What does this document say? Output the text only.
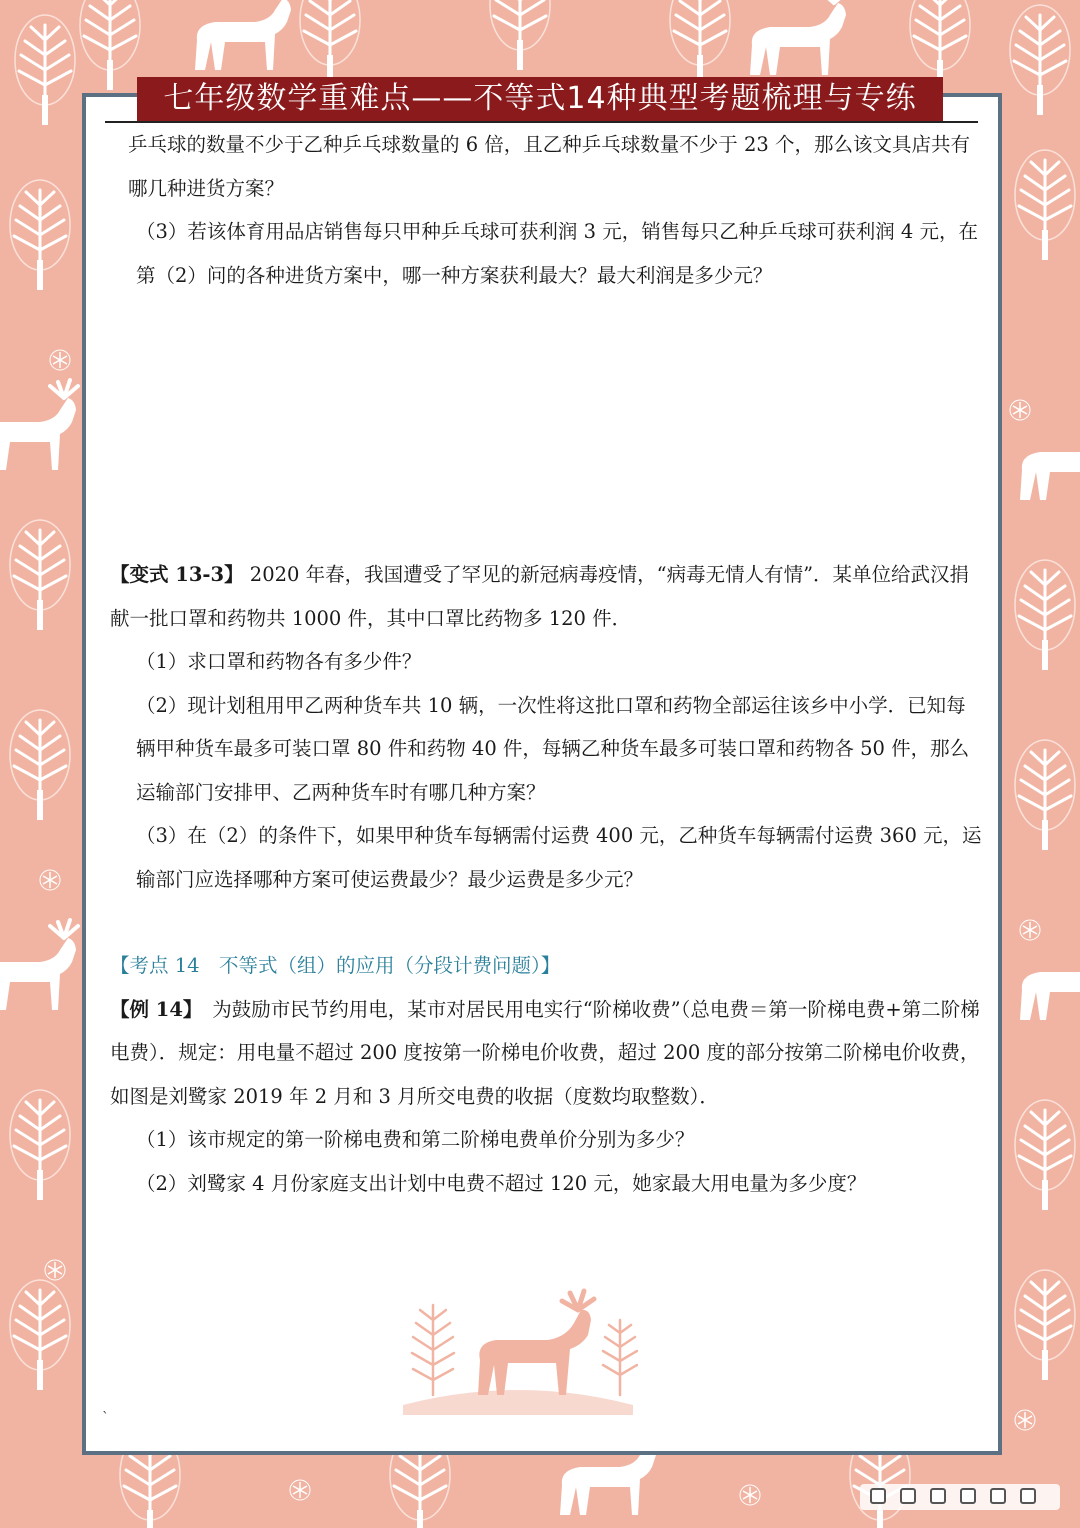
七年级数学重难点——不等式14种典型考题梳理与专练

乒乓球的数量不少于乙种乒乓球数量的 6 倍，且乙种乒乓球数量不少于 23 个，那么该文具店共有哪几种进货方案？

（3）若该体育用品店销售每只甲种乒乓球可获利润 3 元，销售每只乙种乒乓球可获利润 4 元，在第（2）问的各种进货方案中，哪一种方案获利最大？最大利润是多少元？

【变式 13-3】 2020 年春，我国遭受了罕见的新冠病毒疫情，“病毒无情人有情”．某单位给武汉捐献一批口罩和药物共 1000 件，其中口罩比药物多 120 件．

（1）求口罩和药物各有多少件？

（2）现计划租用甲乙两种货车共 10 辆，一次性将这批口罩和药物全部运往该乡中小学．已知每辆甲种货车最多可装口罩 80 件和药物 40 件，每辆乙种货车最多可装口罩和药物各 50 件，那么运输部门安排甲、乙两种货车时有哪几种方案？

（3）在（2）的条件下，如果甲种货车每辆需付运费 400 元，乙种货车每辆需付运费 360 元，运输部门应选择哪种方案可使运费最少？最少运费是多少元？

【考点 14　不等式（组）的应用（分段计费问题）】

【例 14】　为鼓励市民节约用电，某市对居民用电实行“阶梯收费”（总电费＝第一阶梯电费+第二阶梯电费）．规定：用电量不超过 200 度按第一阶梯电价收费，超过 200 度的部分按第二阶梯电价收费，如图是刘鹭家 2019 年 2 月和 3 月所交电费的收据（度数均取整数）．

（1）该市规定的第一阶梯电费和第二阶梯电费单价分别为多少？

（2）刘鹭家 4 月份家庭支出计划中电费不超过 120 元，她家最大用电量为多少度？

`
